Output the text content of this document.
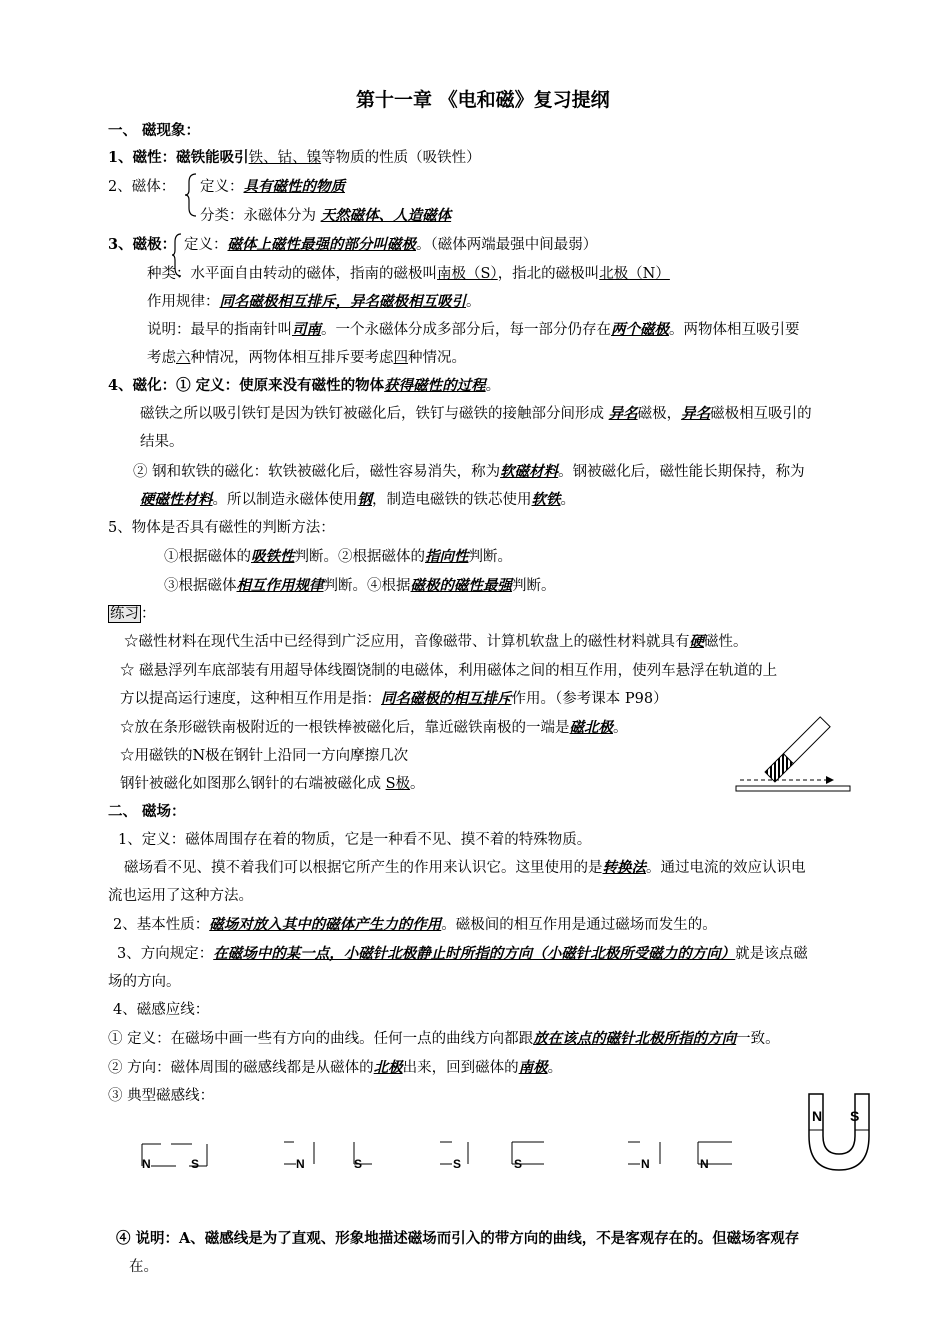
第十一章 《电和磁》复习提纲
一、 磁现象：
1、磁性：磁铁能吸引铁、钴、镍等物质的性质（吸铁性）
2、磁体： 定义：具有磁性的物质
分类：永磁体分为 天然磁体、人造磁体
3、磁极： 定义：磁体上磁性最强的部分叫磁极。（磁体两端最强中间最弱）
种类：水平面自由转动的磁体，指南的磁极叫南极（S），指北的磁极叫北极（N）
作用规律：同名磁极相互排斥，异名磁极相互吸引。
说明：最早的指南针叫司南。一个永磁体分成多部分后，每一部分仍存在两个磁极。两物体相互吸引要
考虑六种情况，两物体相互排斥要考虑四种情况。
4、磁化：① 定义：使原来没有磁性的物体获得磁性的过程。
磁铁之所以吸引铁钉是因为铁钉被磁化后，铁钉与磁铁的接触部分间形成 异名磁极，异名磁极相互吸引的
结果。
② 钢和软铁的磁化：软铁被磁化后，磁性容易消失，称为软磁材料。钢被磁化后，磁性能长期保持，称为
硬磁性材料。所以制造永磁体使用钢，制造电磁铁的铁芯使用软铁。
5、物体是否具有磁性的判断方法：
①根据磁体的吸铁性判断。②根据磁体的指向性判断。
③根据磁体相互作用规律判断。④根据磁极的磁性最强判断。
练习 ：
☆磁性材料在现代生活中已经得到广泛应用，音像磁带、计算机软盘上的磁性材料就具有硬磁性。
☆ 磁悬浮列车底部装有用超导体线圈饶制的电磁体，利用磁体之间的相互作用，使列车悬浮在轨道的上
方以提高运行速度，这种相互作用是指：同名磁极的相互排斥作用。（参考课本 P98）
☆放在条形磁铁南极附近的一根铁棒被磁化后，靠近磁铁南极的一端是磁北极。
☆用磁铁的N极在钢针上沿同一方向摩擦几次
钢针被磁化如图那么钢针的右端被磁化成 S极。
二、 磁场：
1、定义：磁体周围存在着的物质，它是一种看不见、摸不着的特殊物质。
磁场看不见、摸不着我们可以根据它所产生的作用来认识它。这里使用的是转换法。通过电流的效应认识电
流也运用了这种方法。
2、基本性质：磁场对放入其中的磁体产生力的作用。磁极间的相互作用是通过磁场而发生的。
3、方向规定：在磁场中的某一点，小磁针北极静止时所指的方向（小磁针北极所受磁力的方向）就是该点磁
场的方向。
4、磁感应线：
① 定义：在磁场中画一些有方向的曲线。任何一点的曲线方向都跟放在该点的磁针北极所指的方向一致。
② 方向：磁体周围的磁感线都是从磁体的北极出来，回到磁体的南极。
③ 典型磁感线：
N	S	N	S	S	S	N	N
N S
④ 说明：A、磁感线是为了直观、形象地描述磁场而引入的带方向的曲线，不是客观存在的。但磁场客观存
在。
